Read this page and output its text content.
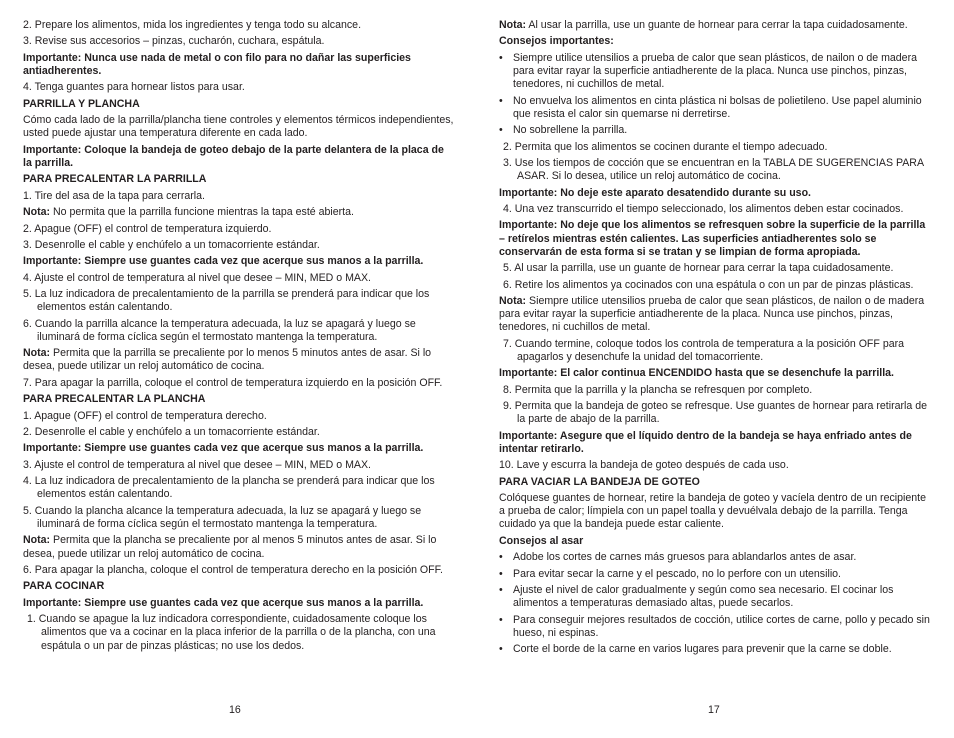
2. Prepare los alimentos, mida los ingredientes y tenga todo su alcance.
3. Revise sus accesorios – pinzas, cucharón, cuchara, espátula.
Importante: Nunca use nada de metal o con filo para no dañar las superficies antiadherentes.
4. Tenga guantes para hornear listos para usar.
PARRILLA Y PLANCHA
Cómo cada lado de la parrilla/plancha tiene controles y elementos térmicos independientes, usted puede ajustar una temperatura diferente en cada lado.
Importante: Coloque la bandeja de goteo debajo de la parte delantera de la placa de la parrilla.
PARA PRECALENTAR LA PARRILLA
1. Tire del asa de la tapa para cerrarla.
Nota: No permita que la parrilla funcione mientras la tapa esté abierta.
2. Apague (OFF) el control de temperatura izquierdo.
3. Desenrolle el cable y enchúfelo a un tomacorriente estándar.
Importante: Siempre use guantes cada vez que acerque sus manos a la parrilla.
4. Ajuste el control de temperatura al nivel que desee – MIN, MED o MAX.
5. La luz indicadora de precalentamiento de la parrilla se prenderá para indicar que los elementos están calentando.
6. Cuando la parrilla alcance la temperatura adecuada, la luz se apagará y luego se iluminará de forma cíclica según el termostato mantenga la temperatura.
Nota: Permita que la parrilla se precaliente por lo menos 5 minutos antes de asar. Si lo desea, puede utilizar un reloj automático de cocina.
7. Para apagar la parrilla, coloque el control de temperatura izquierdo en la posición OFF.
PARA PRECALENTAR LA PLANCHA
1. Apague (OFF) el control de temperatura derecho.
2. Desenrolle el cable y enchúfelo a un tomacorriente estándar.
Importante: Siempre use guantes cada vez que acerque sus manos a la parrilla.
3. Ajuste el control de temperatura al nivel que desee – MIN, MED o MAX.
4. La luz indicadora de precalentamiento de la plancha se prenderá para indicar que los elementos están calentando.
5. Cuando la plancha alcance la temperatura adecuada, la luz se apagará y luego se iluminará de forma cíclica según el termostato mantenga la temperatura.
Nota: Permita que la plancha se precaliente por al menos 5 minutos antes de asar. Si lo desea, puede utilizar un reloj automático de cocina.
6. Para apagar la plancha, coloque el control de temperatura derecho en la posición OFF.
PARA COCINAR
Importante: Siempre use guantes cada vez que acerque sus manos a la parrilla.
1. Cuando se apague la luz indicadora correspondiente, cuidadosamente coloque los alimentos que va a cocinar en la placa inferior de la parrilla o de la plancha, con una espátula o un par de pinzas plásticas; no use los dedos.
Nota: Al usar la parrilla, use un guante de hornear para cerrar la tapa cuidadosamente.
Consejos importantes:
• Siempre utilice utensilios a prueba de calor que sean plásticos, de nailon o de madera para evitar rayar la superficie antiadherente de la placa. Nunca use pinchos, pinzas, tenedores, ni cuchillos de metal.
• No envuelva los alimentos en cinta plástica ni bolsas de polietileno. Use papel aluminio que resista el calor sin quemarse ni derretirse.
• No sobrellene la parrilla.
2. Permita que los alimentos se cocinen durante el tiempo adecuado.
3. Use los tiempos de cocción que se encuentran en la TABLA DE SUGERENCIAS PARA ASAR. Si lo desea, utilice un reloj automático de cocina.
Importante: No deje este aparato desatendido durante su uso.
4. Una vez transcurrido el tiempo seleccionado, los alimentos deben estar cocinados.
Importante: No deje que los alimentos se refresquen sobre la superficie de la parrilla – retírelos mientras estén calientes. Las superficies antiadherentes solo se conservarán de esta forma si se tratan y se limpian de forma apropiada.
5. Al usar la parrilla, use un guante de hornear para cerrar la tapa cuidadosamente.
6. Retire los alimentos ya cocinados con una espátula o con un par de pinzas plásticas.
Nota: Siempre utilice utensilios prueba de calor que sean plásticos, de nailon o de madera para evitar rayar la superficie antiadherente de la placa. Nunca use pinchos, pinzas, tenedores, ni cuchillos de metal.
7. Cuando termine, coloque todos los controla de temperatura a la posición OFF para apagarlos y desenchufe la unidad del tomacorriente.
Importante: El calor continua ENCENDIDO hasta que se desenchufe la parrilla.
8. Permita que la parrilla y la plancha se refresquen por completo.
9. Permita que la bandeja de goteo se refresque. Use guantes de hornear para retirarla de la parte de abajo de la parrilla.
Importante: Asegure que el líquido dentro de la bandeja se haya enfriado antes de intentar retirarlo.
10. Lave y escurra la bandeja de goteo después de cada uso.
PARA VACIAR LA BANDEJA DE GOTEO
Colóquese guantes de hornear, retire la bandeja de goteo y vacíela dentro de un recipiente a prueba de calor; límpiela con un papel toalla y devuélvala debajo de la parrilla. Tenga cuidado ya que la bandeja puede estar caliente.
Consejos al asar
• Adobe los cortes de carnes más gruesos para ablandarlos antes de asar.
• Para evitar secar la carne y el pescado, no lo perfore con un utensilio.
• Ajuste el nivel de calor gradualmente y según como sea necesario. El cocinar los alimentos a temperaturas demasiado altas, puede secarlos.
• Para conseguir mejores resultados de cocción, utilice cortes de carne, pollo y pecado sin hueso, ni espinas.
• Corte el borde de la carne en varios lugares para prevenir que la carne se doble.
16	17
